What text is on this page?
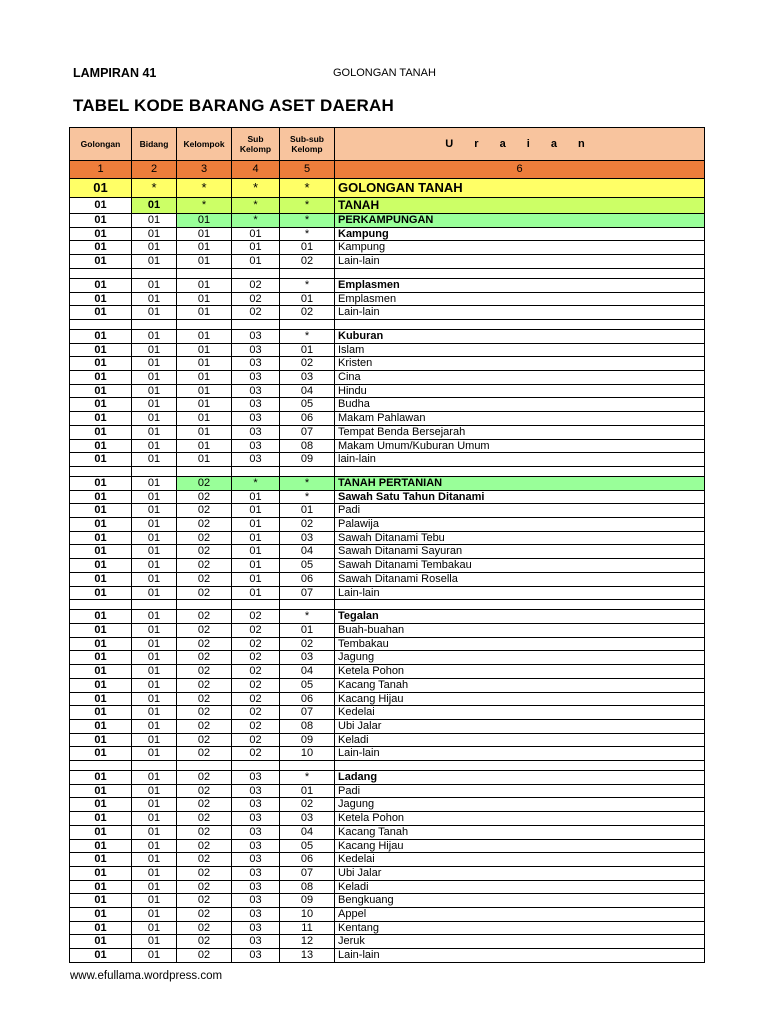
LAMPIRAN 41	GOLONGAN TANAH
TABEL KODE BARANG ASET DAERAH
Golongan	Bidang	Kelompok	Sub Kelomp	Sub-sub Kelomp	U r a i a n
1	2	3	4	5	6
01	*	*	*	*	GOLONGAN TANAH
01	01	*	*	*	TANAH
01	01	01	*	*	PERKAMPUNGAN
01	01	01	01	*	Kampung
01	01	01	01	01	Kampung
01	01	01	01	02	Lain-lain

01	01	01	02	*	Emplasmen
01	01	01	02	01	Emplasmen
01	01	01	02	02	Lain-lain

01	01	01	03	*	Kuburan
01	01	01	03	01	Islam
01	01	01	03	02	Kristen
01	01	01	03	03	Cina
01	01	01	03	04	Hindu
01	01	01	03	05	Budha
01	01	01	03	06	Makam Pahlawan
01	01	01	03	07	Tempat Benda Bersejarah
01	01	01	03	08	Makam Umum/Kuburan Umum
01	01	01	03	09	lain-lain

01	01	02	*	*	TANAH PERTANIAN
01	01	02	01	*	Sawah Satu Tahun Ditanami
01	01	02	01	01	Padi
01	01	02	01	02	Palawija
01	01	02	01	03	Sawah Ditanami Tebu
01	01	02	01	04	Sawah Ditanami Sayuran
01	01	02	01	05	Sawah Ditanami Tembakau
01	01	02	01	06	Sawah Ditanami Rosella
01	01	02	01	07	Lain-lain

01	01	02	02	*	Tegalan
01	01	02	02	01	Buah-buahan
01	01	02	02	02	Tembakau
01	01	02	02	03	Jagung
01	01	02	02	04	Ketela Pohon
01	01	02	02	05	Kacang Tanah
01	01	02	02	06	Kacang Hijau
01	01	02	02	07	Kedelai
01	01	02	02	08	Ubi Jalar
01	01	02	02	09	Keladi
01	01	02	02	10	Lain-lain

01	01	02	03	*	Ladang
01	01	02	03	01	Padi
01	01	02	03	02	Jagung
01	01	02	03	03	Ketela Pohon
01	01	02	03	04	Kacang Tanah
01	01	02	03	05	Kacang Hijau
01	01	02	03	06	Kedelai
01	01	02	03	07	Ubi Jalar
01	01	02	03	08	Keladi
01	01	02	03	09	Bengkuang
01	01	02	03	10	Appel
01	01	02	03	11	Kentang
01	01	02	03	12	Jeruk
01	01	02	03	13	Lain-lain
www.efullama.wordpress.com
